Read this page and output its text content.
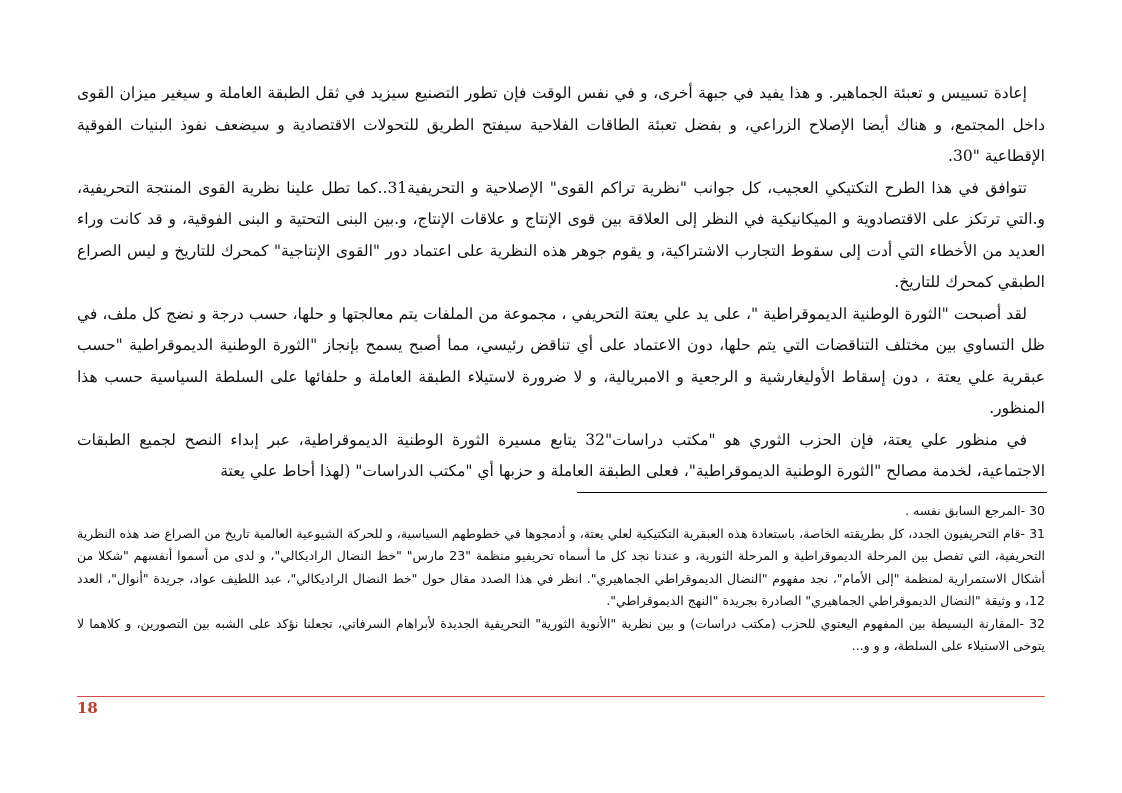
إعادة تسييس و تعبئة الجماهير. و هذا يفيد في جبهة أخرى، و في نفس الوقت فإن تطور التصنيع سيزيد في ثقل الطبقة العاملة و سيغير ميزان القوى داخل المجتمع، و هناك أيضا الإصلاح الزراعي، و بفضل تعبئة الطاقات الفلاحية سيفتح الطريق للتحولات الاقتصادية و سيضعف نفوذ البنيات الفوقية الإقطاعية "30.

تتوافق في هذا الطرح التكتيكي العجيب، كل جوانب "نظرية تراكم القوى" الإصلاحية و التحريفية31..كما تطل علينا نظرية القوى المنتجة التحريفية، و.التي ترتكز على الاقتصادوية و الميكانيكية في النظر إلى العلاقة بين قوى الإنتاج و علاقات الإنتاج، و.بين البنى التحتية و البنى الفوقية، و قد كانت وراء العديد من الأخطاء التي أدت إلى سقوط التجارب الاشتراكية، و يقوم جوهر هذه النظرية على اعتماد دور "القوى الإنتاجية" كمحرك للتاريخ و ليس الصراع الطبقي كمحرك للتاريخ.

لقد أصبحت "الثورة الوطنية الديموقراطية "، على يد علي يعتة التحريفي ، مجموعة من الملفات يتم معالجتها و حلها، حسب درجة و نضج كل ملف، في ظل التساوي بين مختلف التناقضات التي يتم حلها، دون الاعتماد على أي تناقض رئيسي، مما أصبح يسمح بإنجاز "الثورة الوطنية الديموقراطية "حسب عبقرية علي يعتة ، دون إسقاط الأوليغارشية و الرجعية و الامبريالية، و لا ضرورة لاستيلاء الطبقة العاملة و حلفائها على السلطة السياسية حسب هذا المنظور.

في منظور علي يعتة، فإن الحزب الثوري هو "مكتب دراسات"32 يتابع مسيرة الثورة الوطنية الديموقراطية، عبر إبداء النصح لجميع الطبقات الاجتماعية، لخدمة مصالح "الثورة الوطنية الديموقراطية"، فعلى الطبقة العاملة و حزبها أي "مكتب الدراسات" (لهذا أحاط علي يعتة

30 -المرجع السابق نفسه .

31 -قام التحريفيون الجدد، كل بطريقته الخاصة، باستعادة هذه العبقرية التكتيكية لعلي يعتة، و أدمجوها في خطوطهم السياسية، و للحركة الشيوعية العالمية تاريخ من الصراع ضد هذه النظرية التحريفية، التي تفصل بين المرحلة الديموقراطية و المرحلة الثورية، و عندنا نجد كل ما أسماه تحريفيو منظمة "23 مارس" "خط النضال الراديكالي"، و لدى من أسموا أنفسهم "شكلا من أشكال الاستمرارية لمنظمة "إلى الأمام"، نجد مفهوم "النضال الديموقراطي الجماهيري". انظر في هذا الصدد مقال حول "خط النضال الراديكالي"، عبد اللطيف عواد، جريدة "أنوال"، العدد 12، و وثيقة "النضال الديموقراطي الجماهيري" الصادرة بجريدة "النهج الديموقراطي".

32 -المقارنة البسيطة بين المفهوم اليعتوي للحزب (مكتب دراسات) و بين نظرية "الأنوية الثورية" التحريفية الجديدة لأبراهام السرفاتي، تجعلنا نؤكد على الشبه بين التصورين، و كلاهما لا يتوخى الاستيلاء على السلطة، و و و...

18
